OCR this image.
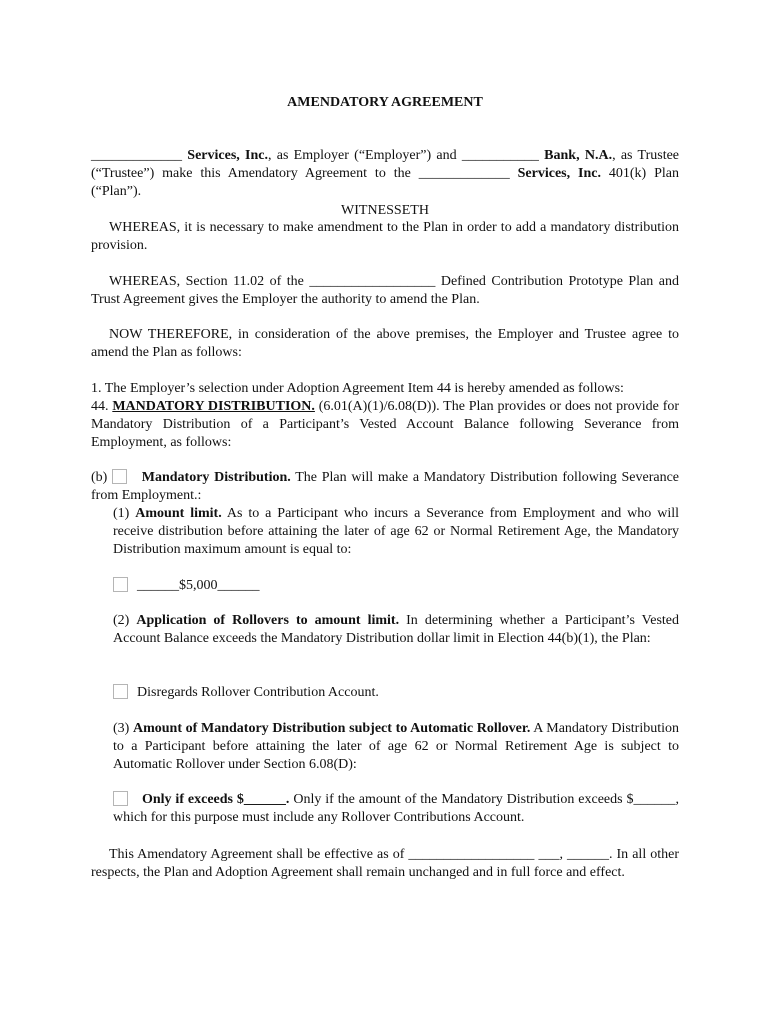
AMENDATORY AGREEMENT
_____________ Services, Inc., as Employer (“Employer”) and ___________ Bank, N.A., as Trustee (“Trustee”) make this Amendatory Agreement to the _____________ Services, Inc. 401(k) Plan (“Plan”).
WITNESSETH
WHEREAS, it is necessary to make amendment to the Plan in order to add a mandatory distribution provision.
WHEREAS, Section 11.02 of the __________________ Defined Contribution Prototype Plan and Trust Agreement gives the Employer the authority to amend the Plan.
NOW THEREFORE, in consideration of the above premises, the Employer and Trustee agree to amend the Plan as follows:
1. The Employer’s selection under Adoption Agreement Item 44 is hereby amended as follows:
44. MANDATORY DISTRIBUTION. (6.01(A)(1)/6.08(D)). The Plan provides or does not provide for Mandatory Distribution of a Participant’s Vested Account Balance following Severance from Employment, as follows:
(b) Mandatory Distribution. The Plan will make a Mandatory Distribution following Severance from Employment.:
(1) Amount limit. As to a Participant who incurs a Severance from Employment and who will receive distribution before attaining the later of age 62 or Normal Retirement Age, the Mandatory Distribution maximum amount is equal to:
______$5,000______
(2) Application of Rollovers to amount limit. In determining whether a Participant’s Vested Account Balance exceeds the Mandatory Distribution dollar limit in Election 44(b)(1), the Plan:
Disregards Rollover Contribution Account.
(3) Amount of Mandatory Distribution subject to Automatic Rollover. A Mandatory Distribution to a Participant before attaining the later of age 62 or Normal Retirement Age is subject to Automatic Rollover under Section 6.08(D):
Only if exceeds $______. Only if the amount of the Mandatory Distribution exceeds $______, which for this purpose must include any Rollover Contributions Account.
This Amendatory Agreement shall be effective as of __________________ ___, ______. In all other respects, the Plan and Adoption Agreement shall remain unchanged and in full force and effect.
